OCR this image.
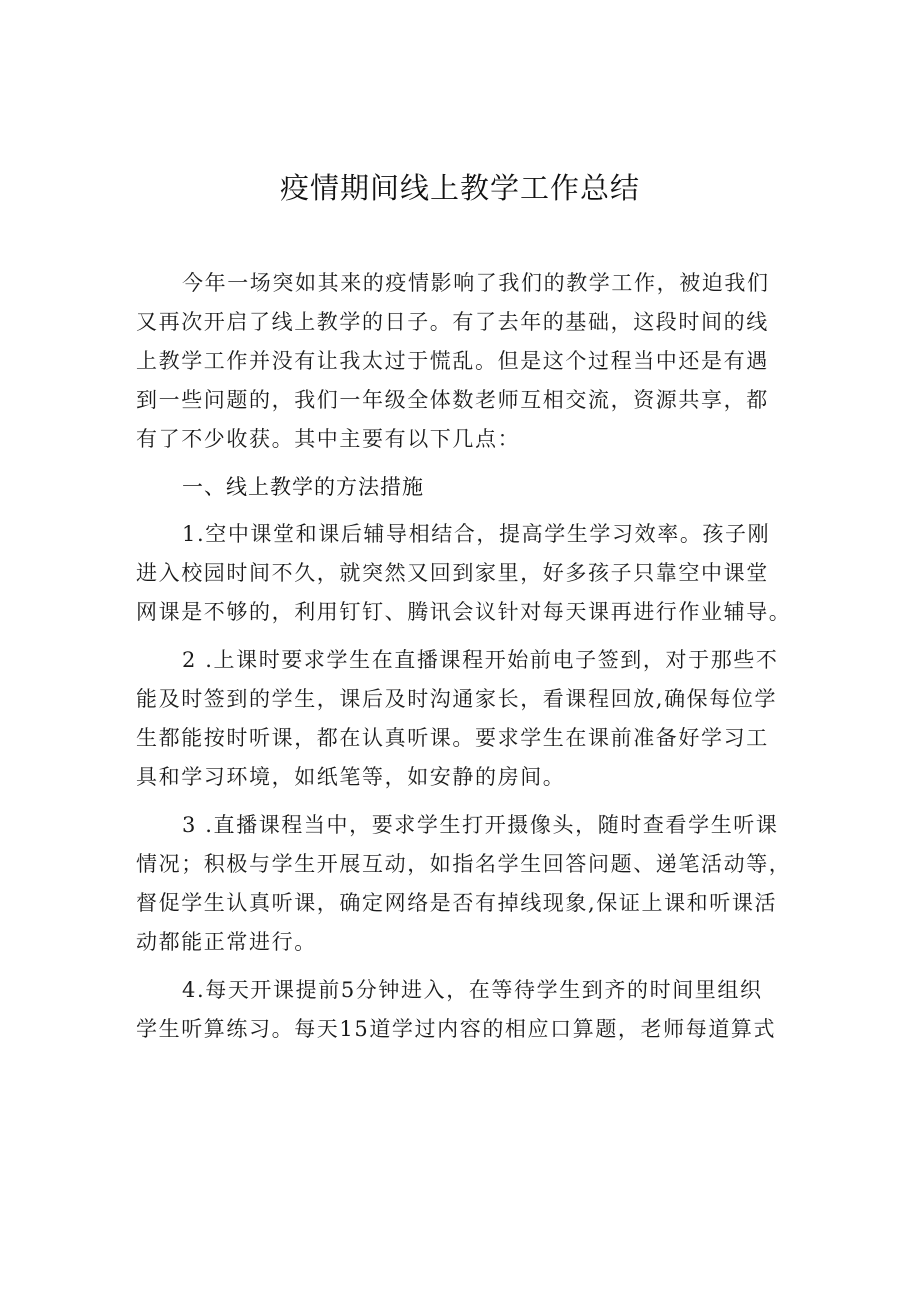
疫情期间线上教学工作总结
今年一场突如其来的疫情影响了我们的教学工作，被迫我们
又再次开启了线上教学的日子。有了去年的基础，这段时间的线
上教学工作并没有让我太过于慌乱。但是这个过程当中还是有遇
到一些问题的，我们一年级全体数老师互相交流，资源共享，都
有了不少收获。其中主要有以下几点：
一、线上教学的方法措施
1.空中课堂和课后辅导相结合，提高学生学习效率。孩子刚
进入校园时间不久，就突然又回到家里，好多孩子只靠空中课堂
网课是不够的，利用钉钉、腾讯会议针对每天课再进行作业辅导。
2 .上课时要求学生在直播课程开始前电子签到，对于那些不
能及时签到的学生，课后及时沟通家长，看课程回放,确保每位学
生都能按时听课，都在认真听课。要求学生在课前准备好学习工
具和学习环境，如纸笔等，如安静的房间。
3 .直播课程当中，要求学生打开摄像头，随时查看学生听课
情况；积极与学生开展互动，如指名学生回答问题、递笔活动等，
督促学生认真听课，确定网络是否有掉线现象,保证上课和听课活
动都能正常进行。
4.每天开课提前5分钟进入，在等待学生到齐的时间里组织
学生听算练习。每天15道学过内容的相应口算题，老师每道算式
